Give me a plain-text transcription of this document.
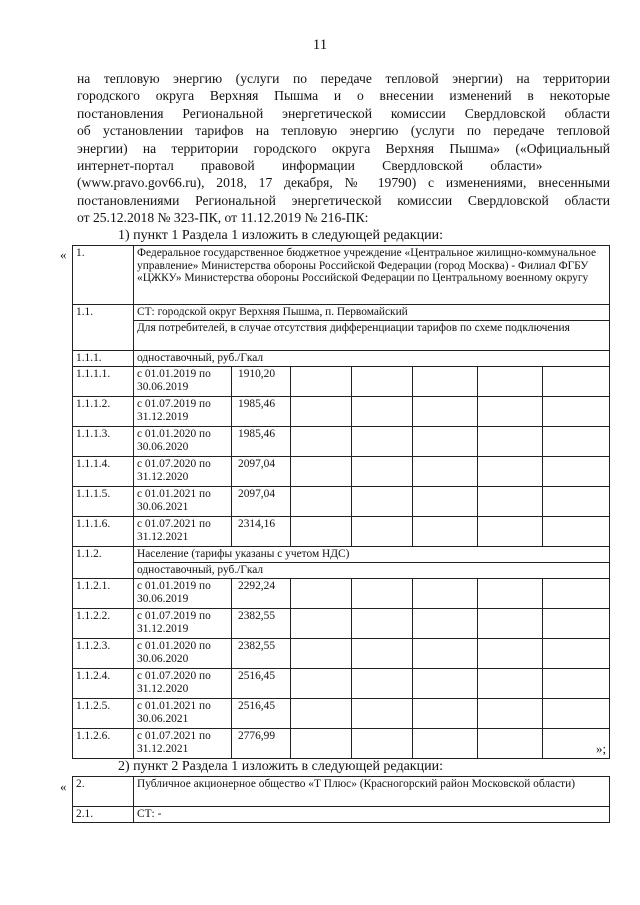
11
на тепловую энергию (услуги по передаче тепловой энергии) на территории
городского округа Верхняя Пышма и о внесении изменений в некоторые
постановления Региональной энергетической комиссии Свердловской области
об установлении тарифов на тепловую энергию (услуги по передаче тепловой
энергии) на территории городского округа Верхняя Пышма» («Официальный
интернет-портал        правовой        информации        Свердловской        области»
(www.pravo.gov66.ru), 2018, 17 декабря, № 19790) с изменениями, внесенными
постановлениями Региональной энергетической комиссии Свердловской области
от 25.12.2018 № 323-ПК, от 11.12.2019 № 216-ПК:
1) пункт 1 Раздела 1 изложить в следующей редакции:
« 1.	Федеральное государственное бюджетное учреждение «Центральное жилищно-коммунальное управление» Министерства обороны Российской Федерации (город Москва) - Филиал ФГБУ «ЦЖКУ» Министерства обороны Российской Федерации по Центральному военному округу						
1.1.	СТ: городской округ Верхняя Пышма, п. Первомайский						
	Для потребителей, в случае отсутствия дифференциации тарифов по схеме подключения						
1.1.1.	одноставочный, руб./Гкал						
1.1.1.1.	с 01.01.2019 по 30.06.2019	1910,20					
1.1.1.2.	с 01.07.2019 по 31.12.2019	1985,46					
1.1.1.3.	с 01.01.2020 по 30.06.2020	1985,46					
1.1.1.4.	с 01.07.2020 по 31.12.2020	2097,04					
1.1.1.5.	с 01.01.2021 по 30.06.2021	2097,04					
1.1.1.6.	с 01.07.2021 по 31.12.2021	2314,16					
1.1.2.	Население (тарифы указаны с учетом НДС)						
	одноставочный, руб./Гкал						
1.1.2.1.	с 01.01.2019 по 30.06.2019	2292,24					
1.1.2.2.	с 01.07.2019 по 31.12.2019	2382,55					
1.1.2.3.	с 01.01.2020 по 30.06.2020	2382,55					
1.1.2.4.	с 01.07.2020 по 31.12.2020	2516,45					
1.1.2.5.	с 01.01.2021 по 30.06.2021	2516,45					
1.1.2.6.	с 01.07.2021 по 31.12.2021	2776,99					
»;
2) пункт 2 Раздела 1 изложить в следующей редакции:
« 2.	Публичное акционерное общество «Т Плюс» (Красногорский район Московской области)
2.1.	СТ: -
